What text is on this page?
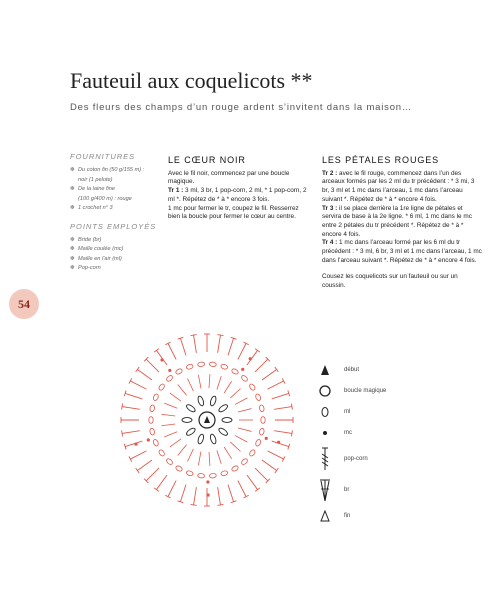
Fauteuil aux coquelicots **
Des fleurs des champs d’un rouge ardent s’invitent dans la maison…
54
FOURNITURES
✽ Du coton fin (50 g/155 m) :
noir (1 pelote)
✽ De la laine fine
(100 g/400 m) : rouge
✽ 1 crochet n° 3
POINTS EMPLOYÉS
✽ Bride (br)
✽ Maille coulée (mc)
✽ Maille en l’air (ml)
✽ Pop-corn
LE CŒUR NOIR

Avec le fil noir, commencez par une boucle magique.

Tr 1 : 3 ml, 3 br, 1 pop-corn, 2 ml, * 1 pop-corn, 2 ml *. Répétez de * à * encore 3 fois.

1 mc pour fermer le tr, coupez le fil. Resserrez bien la boucle pour fermer le cœur au centre.

LES PÉTALES ROUGES

Tr 2 : avec le fil rouge, commencez dans l’un des arceaux formés par les 2 ml du tr précédent : * 3 mi, 3 br, 3 ml et 1 mc dans l’arceau, 1 mc dans l’arceau suivant *. Répétez de * à * encore 4 fois.

Tr 3 : il se place derrière la 1re ligne de pétales et servira de base à la 2e ligne. * 6 ml, 1 mc dans le mc entre 2 pétales du tr précédent *. Répétez de * à * encore 4 fois.

Tr 4 : 1 mc dans l’arceau formé par les 6 ml du tr précédent : * 3 ml, 6 br, 3 ml et 1 mc dans l’arceau, 1 mc dans l’arceau suivant *. Répétez de * à * encore 4 fois.

Cousez les coquelicots sur un fauteuil ou sur un coussin.

début
boucle magique
ml
mc
pop-corn
br
fin
